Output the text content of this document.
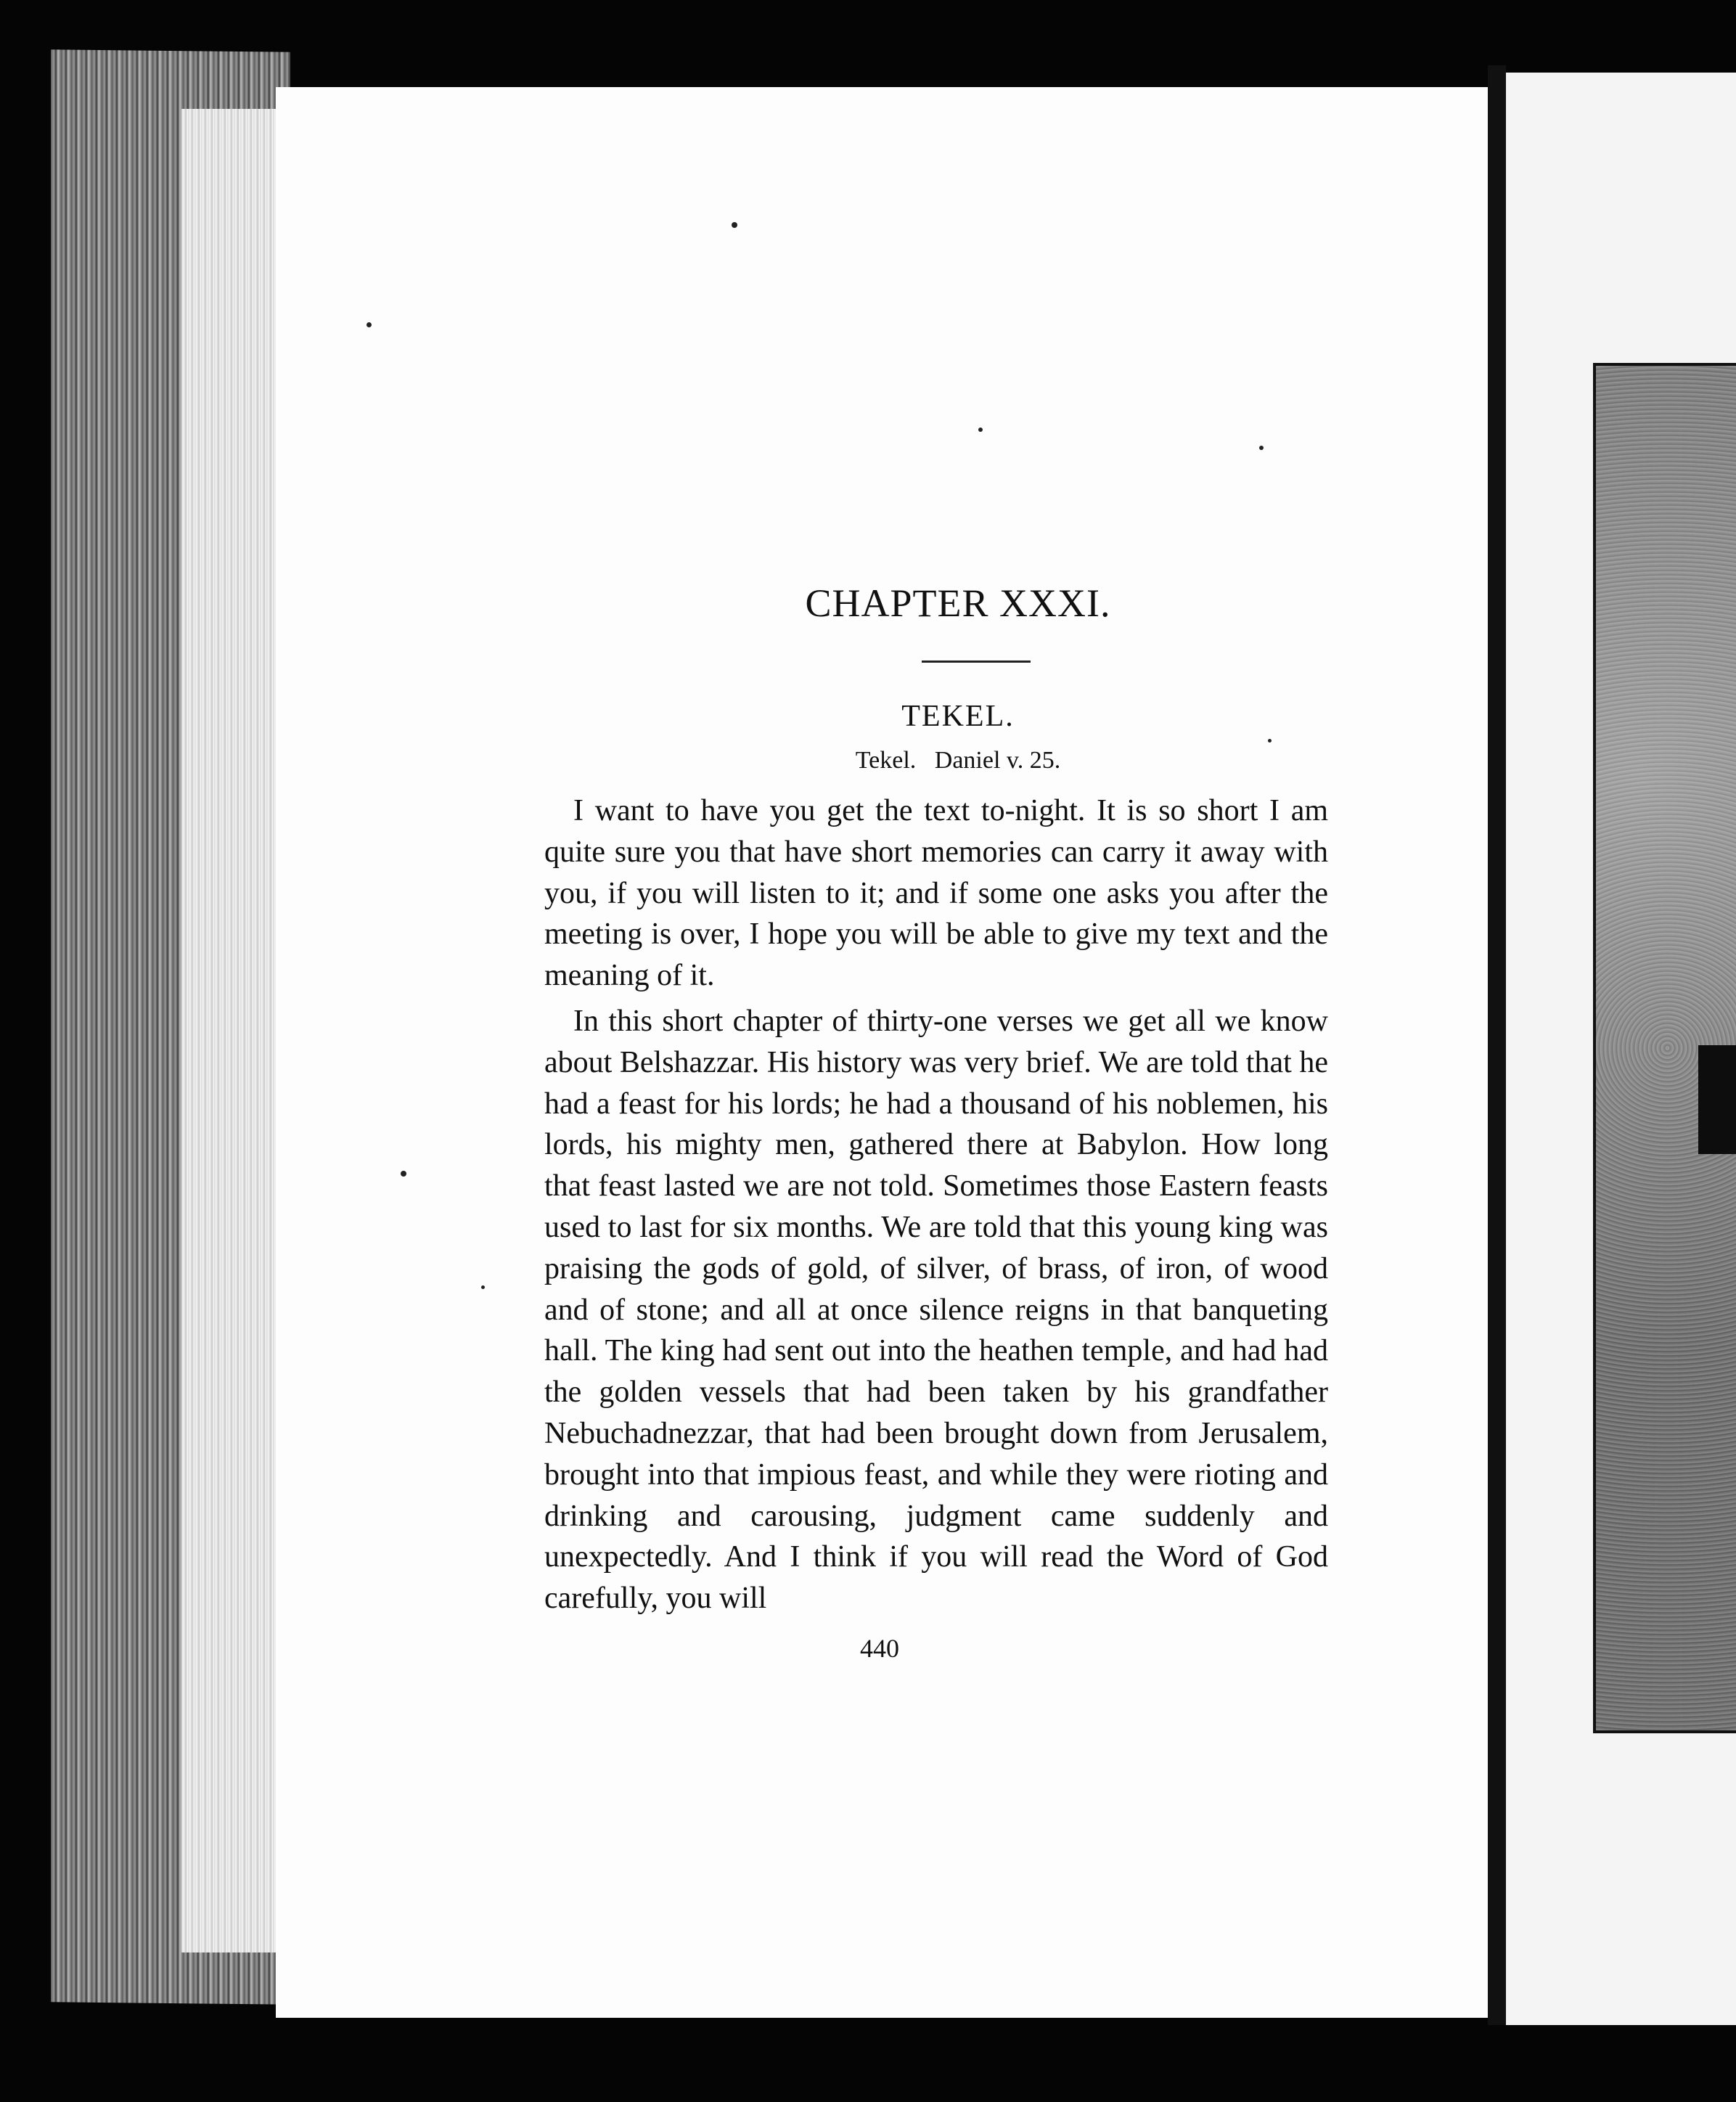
CHAPTER XXXI.
TEKEL.
Tekel.   Daniel v. 25.

I want to have you get the text to-night. It is so short I am quite sure you that have short memories can carry it away with you, if you will listen to it; and if some one asks you after the meeting is over, I hope you will be able to give my text and the meaning of it.

In this short chapter of thirty-one verses we get all we know about Belshazzar. His history was very brief. We are told that he had a feast for his lords; he had a thousand of his noblemen, his lords, his mighty men, gathered there at Babylon. How long that feast lasted we are not told. Sometimes those Eastern feasts used to last for six months. We are told that this young king was praising the gods of gold, of silver, of brass, of iron, of wood and of stone; and all at once silence reigns in that banqueting hall. The king had sent out into the heathen temple, and had had the golden vessels that had been taken by his grandfather Nebuchadnezzar, that had been brought down from Jerusalem, brought into that impious feast, and while they were rioting and drinking and carousing, judgment came suddenly and unexpectedly. And I think if you will read the Word of God carefully, you will

440
